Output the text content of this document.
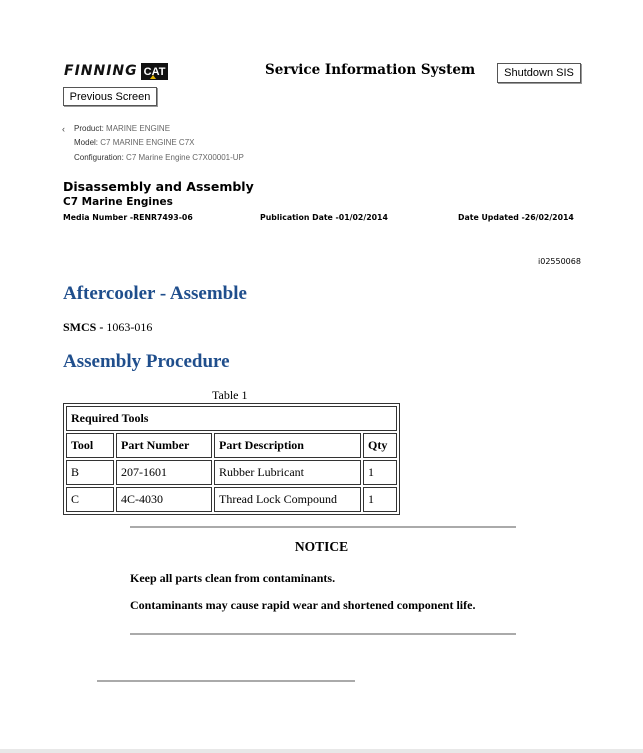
FINNING CAT	Service Information System	Shutdown SIS
Previous Screen
‹ Product: MARINE ENGINE
Model: C7 MARINE ENGINE C7X
Configuration: C7 Marine Engine C7X00001-UP
Disassembly and Assembly
C7 Marine Engines
Media Number -RENR7493-06	Publication Date -01/02/2014	Date Updated -26/02/2014
i02550068
Aftercooler - Assemble
SMCS - 1063-016
Assembly Procedure
Table 1
Required Tools			
Tool	Part Number	Part Description	Qty
B	207-1601	Rubber Lubricant	1
C	4C-4030	Thread Lock Compound	1
NOTICE
Keep all parts clean from contaminants.
Contaminants may cause rapid wear and shortened component life.
